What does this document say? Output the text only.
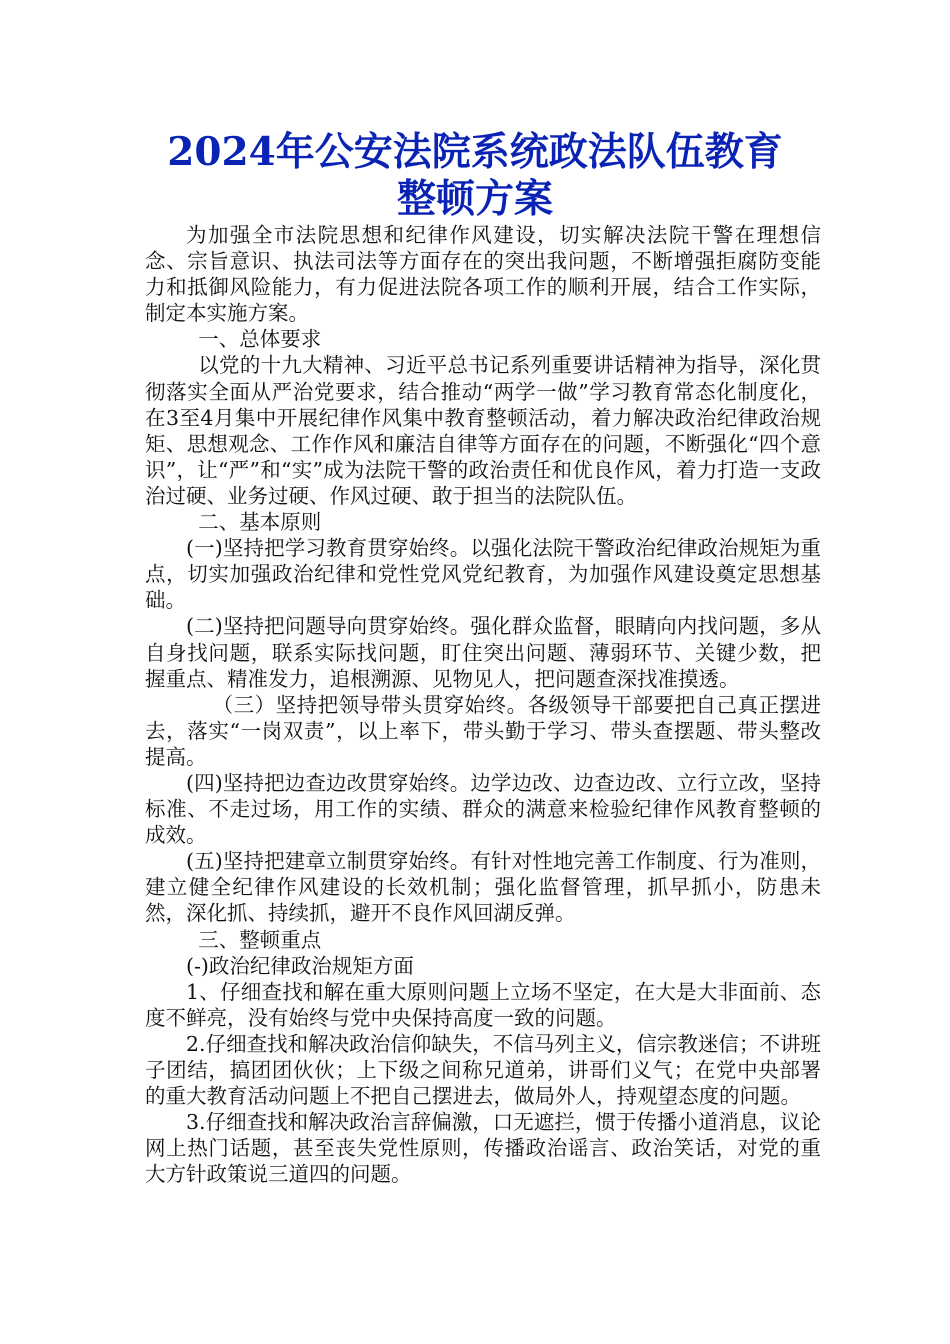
2024年公安法院系统政法队伍教育
整顿方案

为加强全市法院思想和纪律作风建设，切实解决法院干警在理想信念、宗旨意识、执法司法等方面存在的突出我问题，不断增强拒腐防变能力和抵御风险能力，有力促进法院各项工作的顺利开展，结合工作实际，制定本实施方案。

一、总体要求

以党的十九大精神、习近平总书记系列重要讲话精神为指导，深化贯彻落实全面从严治党要求，结合推动“两学一做”学习教育常态化制度化，在3至4月集中开展纪律作风集中教育整顿活动，着力解决政治纪律政治规矩、思想观念、工作作风和廉洁自律等方面存在的问题，不断强化“四个意识”，让“严”和“实”成为法院干警的政治责任和优良作风，着力打造一支政治过硬、业务过硬、作风过硬、敢于担当的法院队伍。

二、基本原则

(一)坚持把学习教育贯穿始终。以强化法院干警政治纪律政治规矩为重点，切实加强政治纪律和党性党风党纪教育，为加强作风建设奠定思想基础。

(二)坚持把问题导向贯穿始终。强化群众监督，眼睛向内找问题，多从自身找问题，联系实际找问题，盯住突出问题、薄弱环节、关键少数，把握重点、精准发力，追根溯源、见物见人，把问题查深找准摸透。

（三）坚持把领导带头贯穿始终。各级领导干部要把自己真正摆进去，落实“一岗双责”，以上率下，带头勤于学习、带头查摆题、带头整改提高。

(四)坚持把边查边改贯穿始终。边学边改、边查边改、立行立改，坚持标准、不走过场，用工作的实绩、群众的满意来检验纪律作风教育整顿的成效。

(五)坚持把建章立制贯穿始终。有针对性地完善工作制度、行为准则，建立健全纪律作风建设的长效机制；强化监督管理，抓早抓小，防患未然，深化抓、持续抓，避开不良作风回湖反弹。

三、整顿重点

(-)政治纪律政治规矩方面

1、仔细查找和解在重大原则问题上立场不坚定，在大是大非面前、态度不鲜亮，没有始终与党中央保持高度一致的问题。

2.仔细查找和解决政治信仰缺失，不信马列主义，信宗教迷信；不讲班子团结，搞团团伙伙；上下级之间称兄道弟，讲哥们义气；在党中央部署的重大教育活动问题上不把自己摆进去，做局外人，持观望态度的问题。

3.仔细查找和解决政治言辞偏激，口无遮拦，惯于传播小道消息，议论网上热门话题，甚至丧失党性原则，传播政治谣言、政治笑话，对党的重大方针政策说三道四的问题。
